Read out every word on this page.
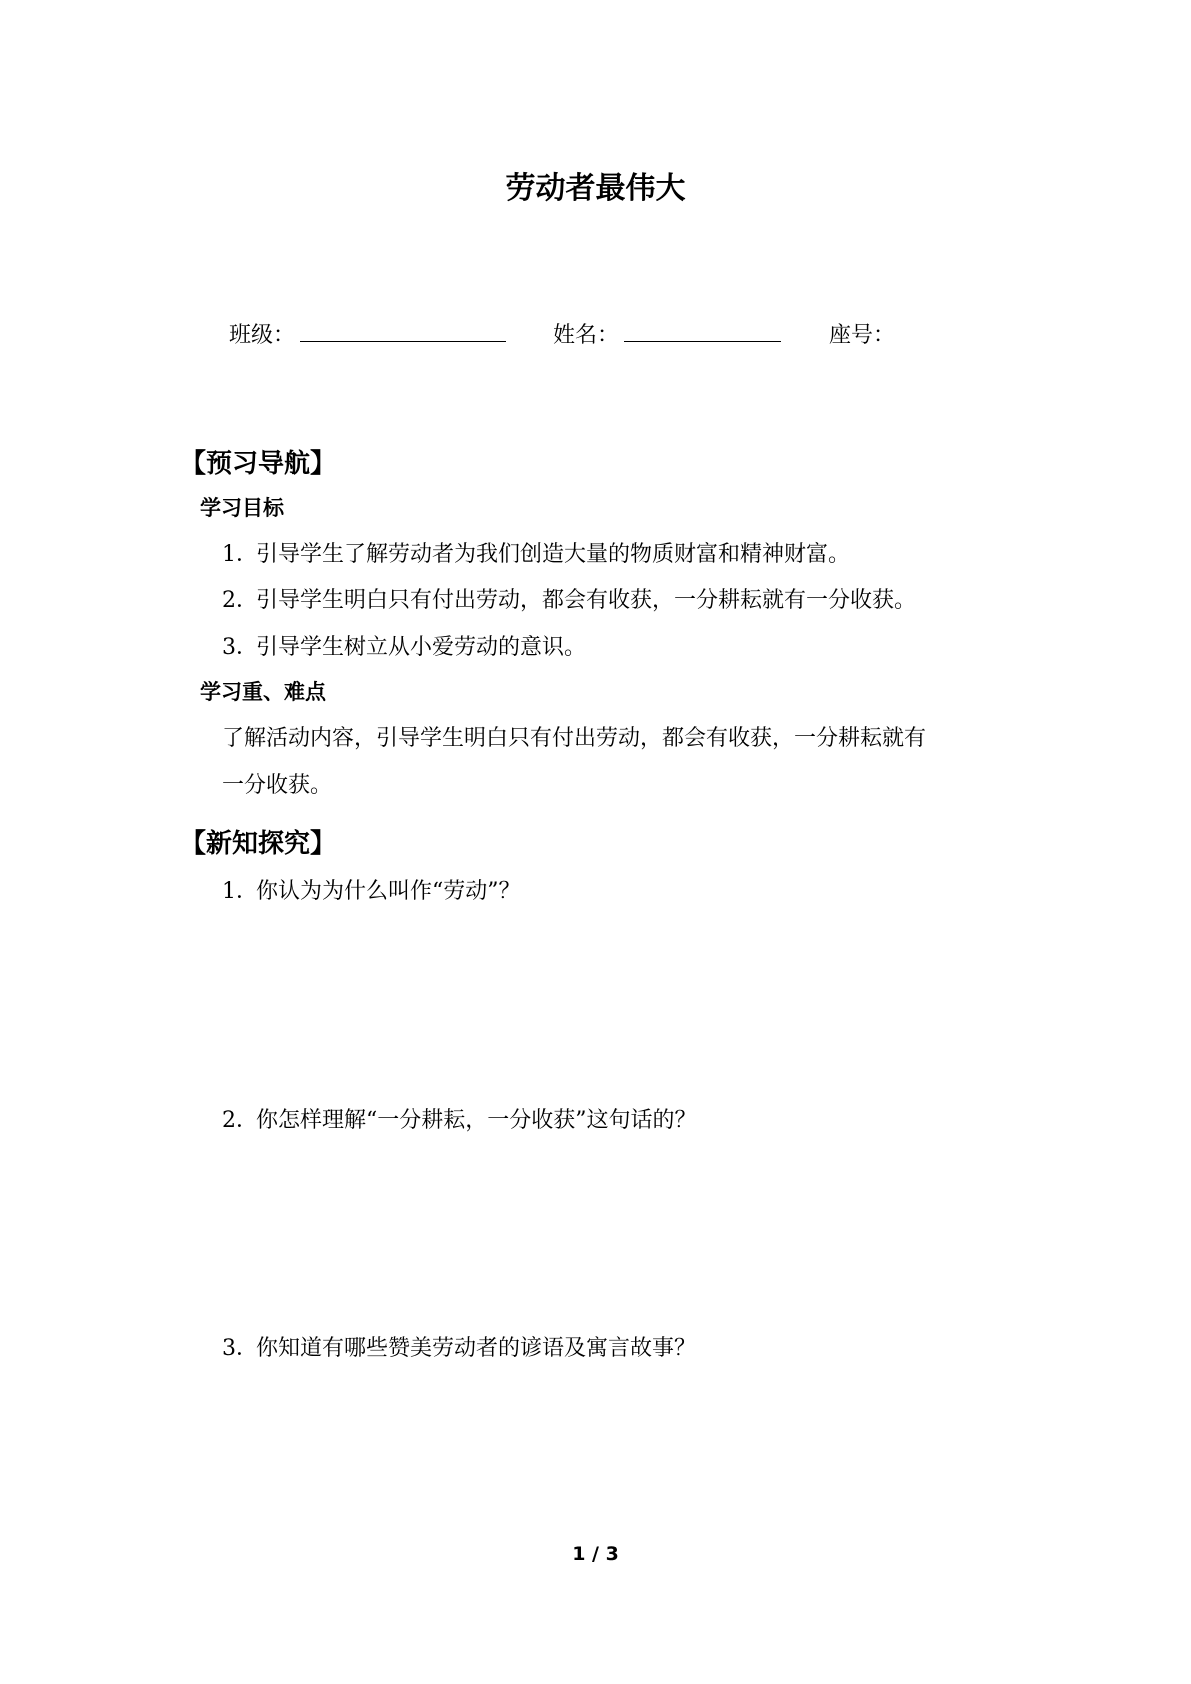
劳动者最伟大
班级：	姓名：	座号：
【预习导航】
学习目标
1．引导学生了解劳动者为我们创造大量的物质财富和精神财富。
2．引导学生明白只有付出劳动，都会有收获，一分耕耘就有一分收获。
3．引导学生树立从小爱劳动的意识。
学习重、难点
了解活动内容，引导学生明白只有付出劳动，都会有收获，一分耕耘就有
一分收获。
【新知探究】
1．你认为为什么叫作“劳动”？
2．你怎样理解“一分耕耘，一分收获”这句话的？
3．你知道有哪些赞美劳动者的谚语及寓言故事？
1 / 3
